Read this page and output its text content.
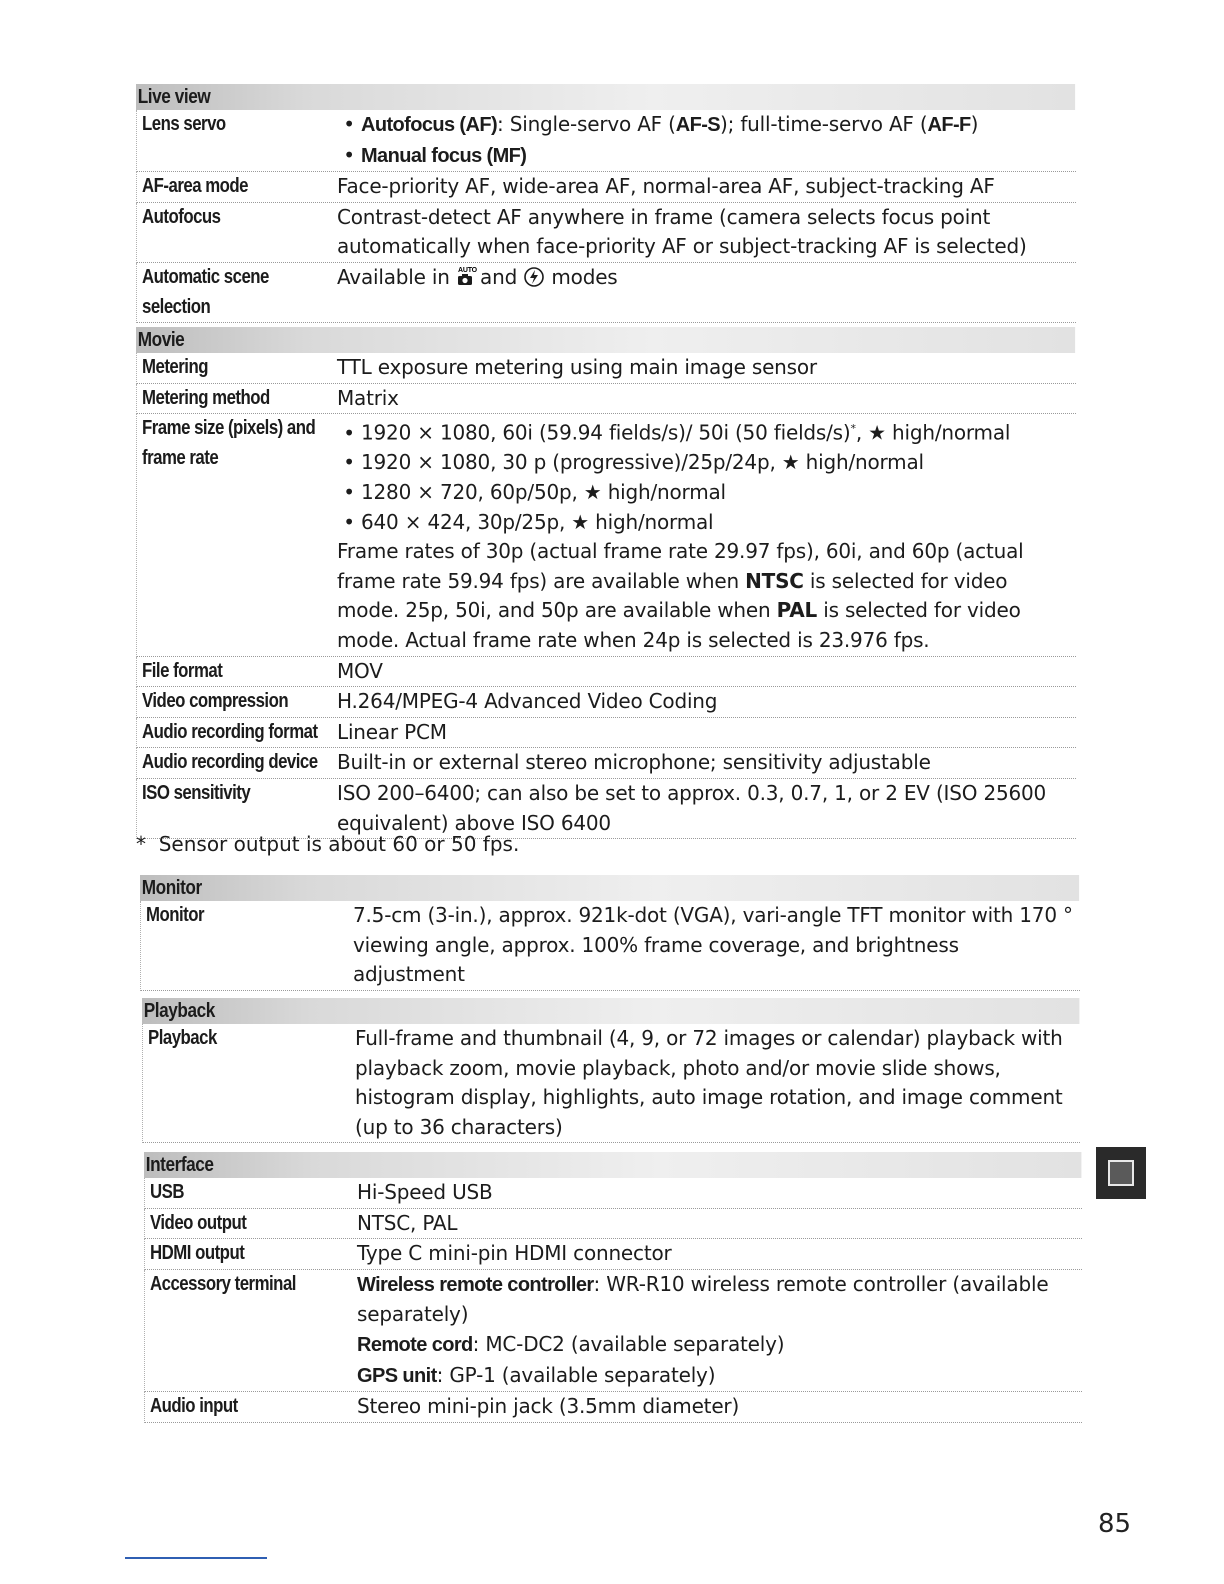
Live view
Lens servo
•	Autofocus (AF): Single-servo AF (AF-S); full-time-servo AF (AF-F)
• Manual focus (MF)
AF-area mode	Face-priority AF, wide-area AF, normal-area AF, subject-tracking AF
Autofocus	Contrast-detect AF anywhere in frame (camera selects focus point
automatically when face-priority AF or subject-tracking AF is selected)
Automatic scene
selection
Available in AUTO
and  modes
Movie
Metering	TTL exposure metering using main image sensor
Metering method	Matrix
Frame size (pixels) and
frame rate
• 1920 × 1080, 60i (59.94 fields/s)/ 50i (50 fields/s)*, ★ high/normal
• 1920 × 1080, 30 p (progressive)/25p/24p, ★ high/normal
• 1280 × 720, 60p/50p, ★ high/normal
• 640 × 424, 30p/25p, ★ high/normal
Frame rates of 30p (actual frame rate 29.97 fps), 60i, and 60p (actual
frame rate 59.94 fps) are available when NTSC is selected for video
mode. 25p, 50i, and 50p are available when PAL is selected for video
mode. Actual frame rate when 24p is selected is 23.976 fps.
File format	MOV
Video compression	H.264/MPEG-4 Advanced Video Coding
Audio recording format Linear PCM
Audio recording device Built-in or external stereo microphone; sensitivity adjustable
ISO sensitivity	ISO 200–6400; can also be set to approx. 0.3, 0.7, 1, or 2 EV (ISO 25600
equivalent) above ISO 6400
* Sensor output is about 60 or 50 fps.
Monitor
Monitor	7.5-cm (3-in.), approx. 921k-dot (VGA), vari-angle TFT monitor with 170 °
viewing angle, approx. 100% frame coverage, and brightness
adjustment
Playback
Playback	Full-frame and thumbnail (4, 9, or 72 images or calendar) playback with
playback zoom, movie playback, photo and/or movie slide shows,
histogram display, highlights, auto image rotation, and image comment
(up to 36 characters)
Interface
USB	Hi-Speed USB
Video output	NTSC, PAL
HDMI output	Type C mini-pin HDMI connector
Accessory terminal	Wireless remote controller: WR-R10 wireless remote controller (available
separately)
Remote cord: MC-DC2 (available separately)
GPS unit: GP-1 (available separately)
Audio input	Stereo mini-pin jack (3.5mm diameter)
85
